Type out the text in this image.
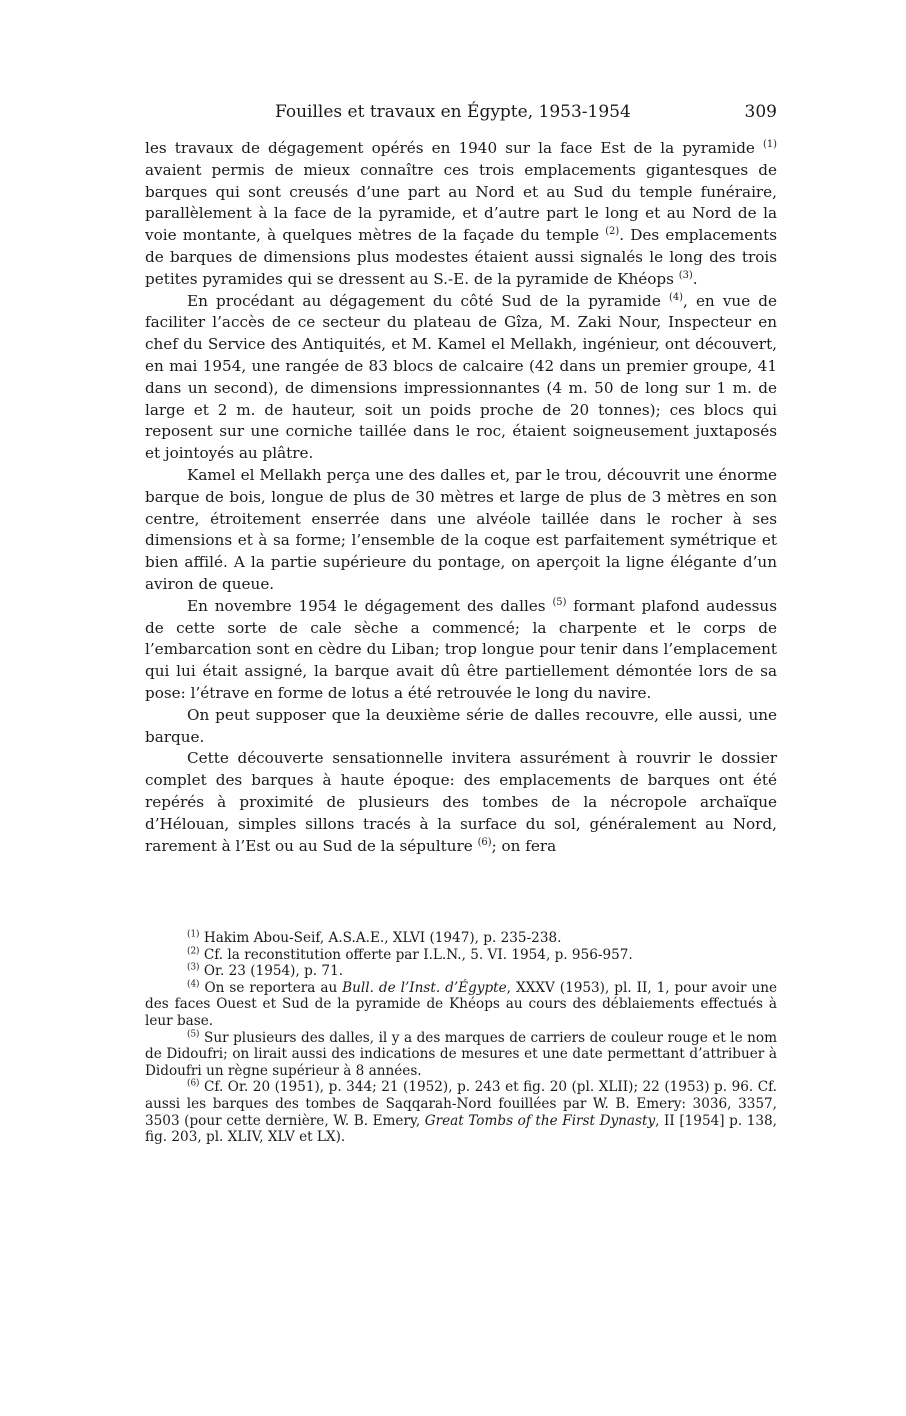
Fouilles et travaux en Égypte, 1953-1954	309

les travaux de dégagement opérés en 1940 sur la face Est de la pyramide $^{(1)}$ avaient permis de mieux connaître ces trois emplacements gigantesques de barques qui sont creusés d’une part au Nord et au Sud du temple funéraire, parallèlement à la face de la pyramide, et d’autre part le long et au Nord de la voie montante, à quelques mètres de la façade du temple $^{(2)}$. Des emplacements de barques de dimensions plus modestes étaient aussi signalés le long des trois petites pyramides qui se dressent au S.-E. de la pyramide de Khéops $^{(3)}$.

En procédant au dégagement du côté Sud de la pyramide $^{(4)}$, en vue de faciliter l’accès de ce secteur du plateau de Gîza, M. Zaki Nour, Inspecteur en chef du Service des Antiquités, et M. Kamel el Mellakh, ingénieur, ont découvert, en mai 1954, une rangée de 83 blocs de calcaire (42 dans un premier groupe, 41 dans un second), de dimensions impressionnantes (4 m. 50 de long sur 1 m. de large et 2 m. de hauteur, soit un poids proche de 20 tonnes); ces blocs qui reposent sur une corniche taillée dans le roc, étaient soigneusement juxtaposés et jointoyés au plâtre.

Kamel el Mellakh perça une des dalles et, par le trou, découvrit une énorme barque de bois, longue de plus de 30 mètres et large de plus de 3 mètres en son centre, étroitement enserrée dans une alvéole taillée dans le rocher à ses dimensions et à sa forme; l’ensemble de la coque est parfaitement symétrique et bien affilé. A la partie supérieure du pontage, on aperçoit la ligne élégante d’un aviron de queue.

En novembre 1954 le dégagement des dalles $^{(5)}$ formant plafond audessus de cette sorte de cale sèche a commencé; la charpente et le corps de l’embarcation sont en cèdre du Liban; trop longue pour tenir dans l’emplacement qui lui était assigné, la barque avait dû être partiellement démontée lors de sa pose: l’étrave en forme de lotus a été retrouvée le long du navire.

On peut supposer que la deuxième série de dalles recouvre, elle aussi, une barque.

Cette découverte sensationnelle invitera assurément à rouvrir le dossier complet des barques à haute époque: des emplacements de barques ont été repérés à proximité de plusieurs des tombes de la nécropole archaïque d’Hélouan, simples sillons tracés à la surface du sol, généralement au Nord, rarement à l’Est ou au Sud de la sépulture $^{(6)}$; on fera

$^{(1)}$ Hakim Abou-Seif, A.S.A.E., XLVI (1947), p. 235-238.

$^{(2)}$ Cf. la reconstitution offerte par I.L.N., 5. VI. 1954, p. 956-957.

$^{(3)}$ Or. 23 (1954), p. 71.

$^{(4)}$ On se reportera au Bull. de l’Inst. d’Égypte, XXXV (1953), pl. II, 1, pour avoir une des faces Ouest et Sud de la pyramide de Khéops au cours des déblaiements effectués à leur base.

$^{(5)}$ Sur plusieurs des dalles, il y a des marques de carriers de couleur rouge et le nom de Didoufri; on lirait aussi des indications de mesures et une date permettant d’attribuer à Didoufri un règne supérieur à 8 années.

$^{(6)}$ Cf. Or. 20 (1951), p. 344; 21 (1952), p. 243 et fig. 20 (pl. XLII); 22 (1953) p. 96. Cf. aussi les barques des tombes de Saqqarah-Nord fouillées par W. B. Emery: 3036, 3357, 3503 (pour cette dernière, W. B. Emery, Great Tombs of the First Dynasty, II [1954] p. 138, fig. 203, pl. XLIV, XLV et LX).
